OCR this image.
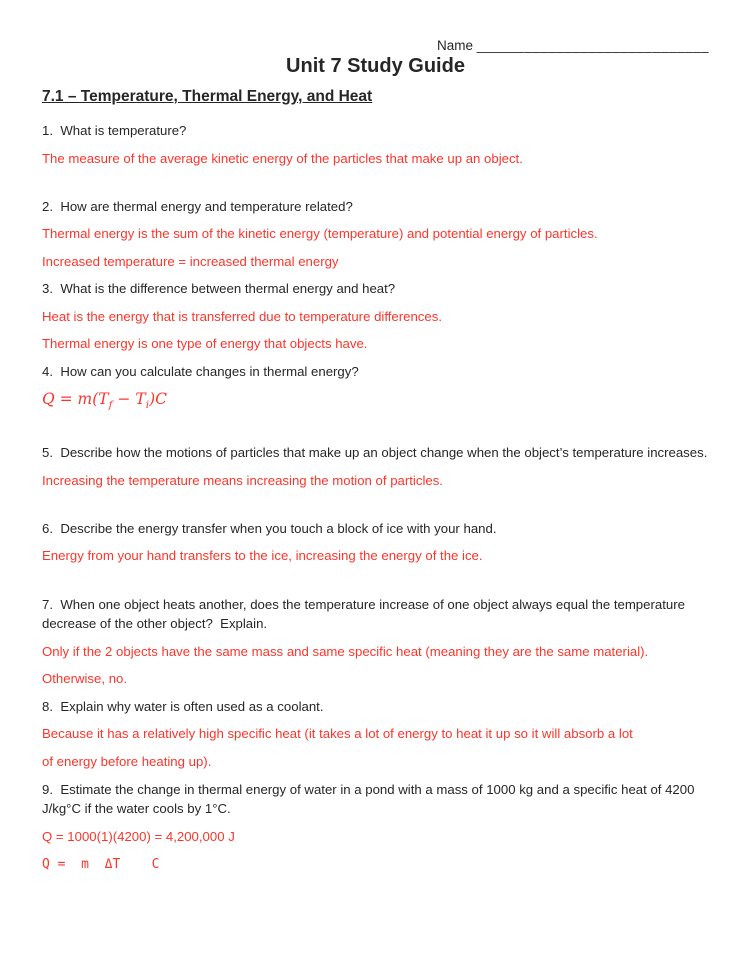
Name _____________________________
Unit 7 Study Guide
7.1 – Temperature, Thermal Energy, and Heat

1.  What is temperature?

The measure of the average kinetic energy of the particles that make up an object.

2.  How are thermal energy and temperature related?

Thermal energy is the sum of the kinetic energy (temperature) and potential energy of particles.

Increased temperature = increased thermal energy

3.  What is the difference between thermal energy and heat?

Heat is the energy that is transferred due to temperature differences.

Thermal energy is one type of energy that objects have.

4.  How can you calculate changes in thermal energy?

$Q = m(T_f - T_i)C$

5.  Describe how the motions of particles that make up an object change when the object’s temperature increases.

Increasing the temperature means increasing the motion of particles.

6.  Describe the energy transfer when you touch a block of ice with your hand.

Energy from your hand transfers to the ice, increasing the energy of the ice.

7.  When one object heats another, does the temperature increase of one object always equal the temperature decrease of the other object?  Explain.

Only if the 2 objects have the same mass and same specific heat (meaning they are the same material).

Otherwise, no.

8.  Explain why water is often used as a coolant.

Because it has a relatively high specific heat (it takes a lot of energy to heat it up so it will absorb a lot

of energy before heating up).

9.  Estimate the change in thermal energy of water in a pond with a mass of 1000 kg and a specific heat of 4200 J/kg°C if the water cools by 1°C.

Q = 1000(1)(4200) = 4,200,000 J

Q =  m  ΔT    C
